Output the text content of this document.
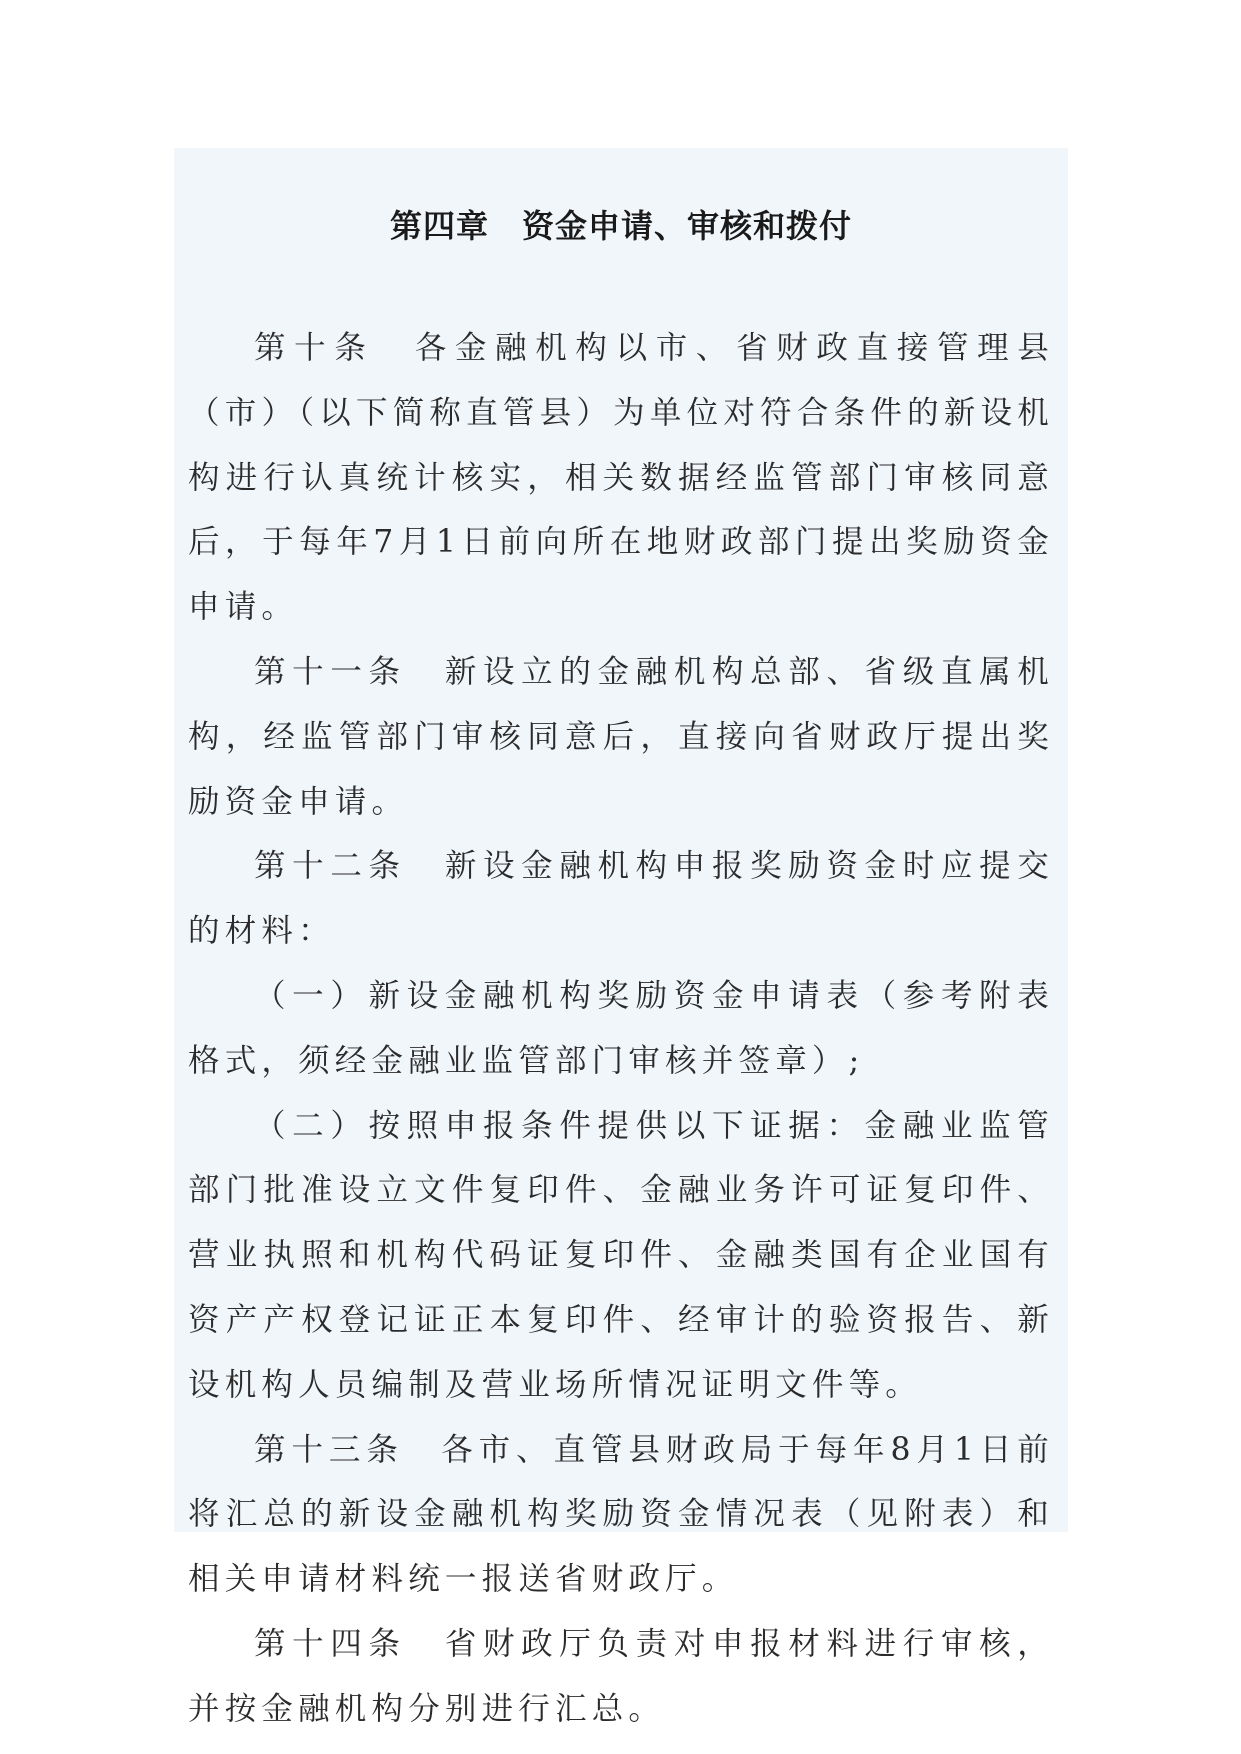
第四章　资金申请、审核和拨付

第十条　各金融机构以市、省财政直接管理县（市）（以下简称直管县）为单位对符合条件的新设机构进行认真统计核实，相关数据经监管部门审核同意后，于每年7月1日前向所在地财政部门提出奖励资金申请。

第十一条　新设立的金融机构总部、省级直属机构，经监管部门审核同意后，直接向省财政厅提出奖励资金申请。

第十二条　新设金融机构申报奖励资金时应提交的材料：

（一）新设金融机构奖励资金申请表（参考附表格式，须经金融业监管部门审核并签章）;

（二）按照申报条件提供以下证据：金融业监管部门批准设立文件复印件、金融业务许可证复印件、营业执照和机构代码证复印件、金融类国有企业国有资产产权登记证正本复印件、经审计的验资报告、新设机构人员编制及营业场所情况证明文件等。

第十三条　各市、直管县财政局于每年8月1日前将汇总的新设金融机构奖励资金情况表（见附表）和相关申请材料统一报送省财政厅。

第十四条　省财政厅负责对申报材料进行审核，并按金融机构分别进行汇总。
